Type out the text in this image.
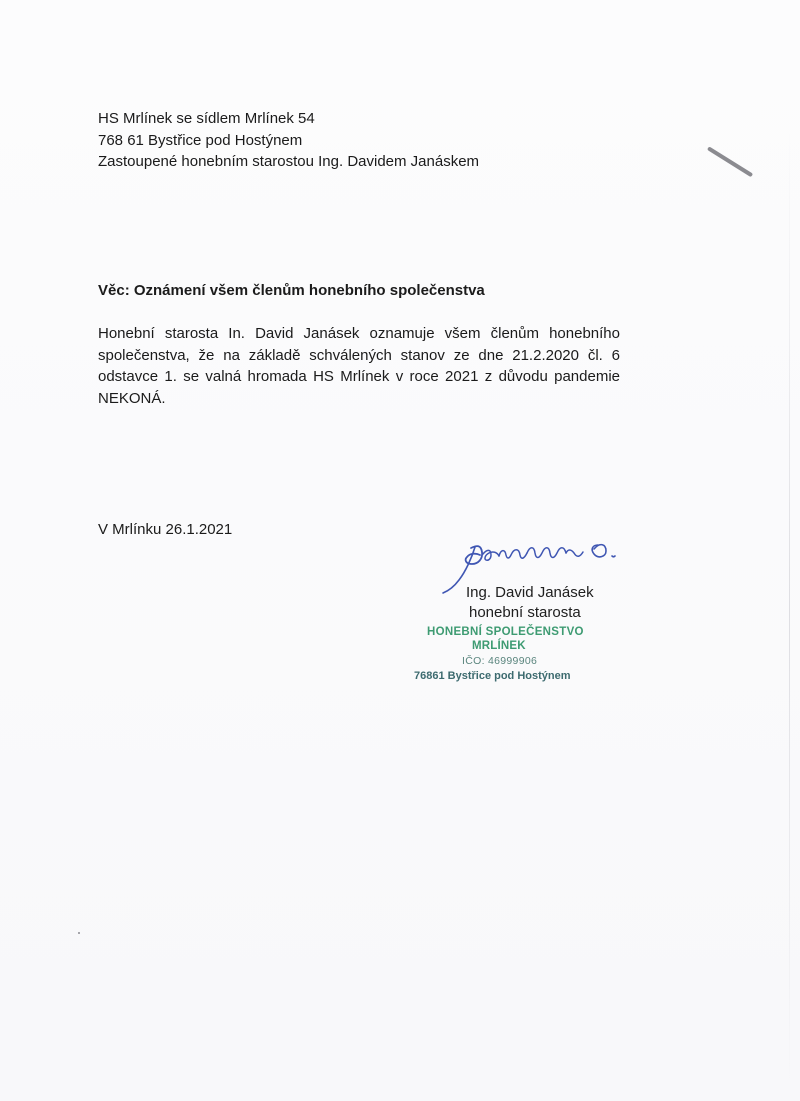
HS Mrlínek se sídlem Mrlínek 54
768 61 Bystřice pod Hostýnem
Zastoupené honebním starostou Ing. Davidem Janáskem
Věc: Oznámení všem členům honebního společenstva
Honební starosta In. David Janásek oznamuje všem členům honebního společenstva, že na základě schválených stanov ze dne 21.2.2020 čl. 6 odstavce 1. se valná hromada HS Mrlínek v roce 2021 z důvodu pandemie NEKONÁ.
V Mrlínku 26.1.2021
Ing. David Janásek
honební starosta
HONEBNÍ SPOLEČENSTVO
MRLÍNEK
IČO: 46999906
76861 Bystřice pod Hostýnem
